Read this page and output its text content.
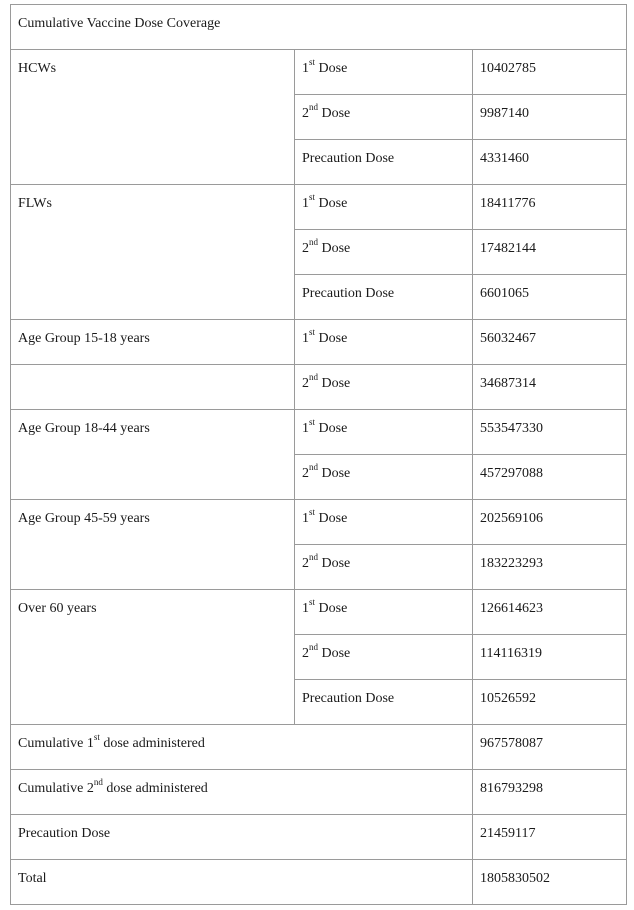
Cumulative Vaccine Dose Coverage		
HCWs	1st Dose	10402785
	2nd Dose	9987140
	Precaution Dose	4331460
FLWs	1st Dose	18411776
	2nd Dose	17482144
	Precaution Dose	6601065
Age Group 15-18 years	1st Dose	56032467
	2nd Dose	34687314
Age Group 18-44 years	1st Dose	553547330
	2nd Dose	457297088
Age Group 45-59 years	1st Dose	202569106
	2nd Dose	183223293
Over 60 years	1st Dose	126614623
	2nd Dose	114116319
	Precaution Dose	10526592
Cumulative 1st dose administered		967578087
Cumulative 2nd dose administered		816793298
Precaution Dose		21459117
Total		1805830502
